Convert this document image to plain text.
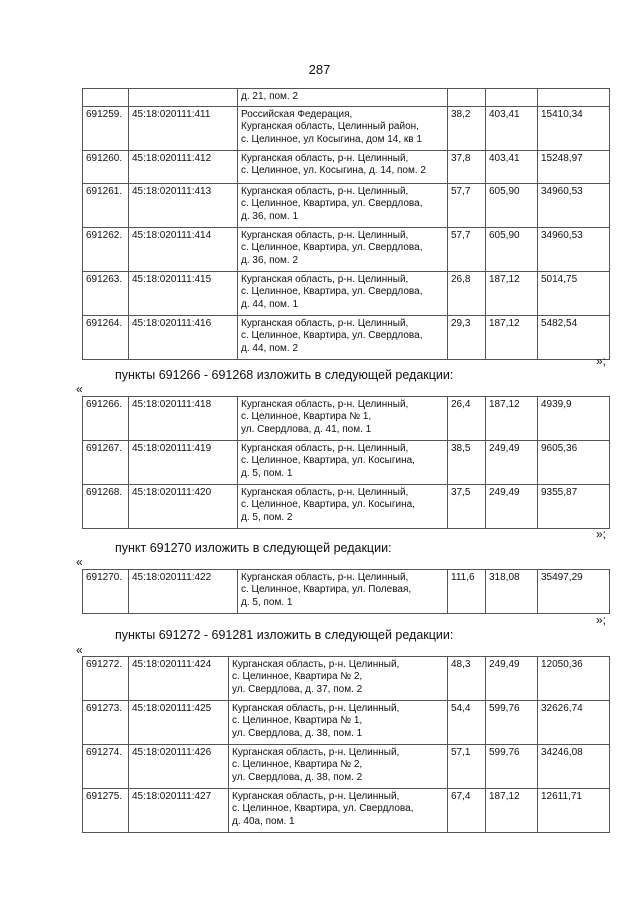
287
		д. 21, пом. 2			
691259.	45:18:020111:411	Российская Федерация,
Курганская область, Целинный район,
с. Целинное, ул Косыгина, дом 14, кв 1	38,2	403,41	15410,34
691260.	45:18:020111:412	Курганская область, р-н. Целинный,
с. Целинное, ул. Косыгина, д. 14, пом. 2	37,8	403,41	15248,97
691261.	45:18:020111:413	Курганская область, р-н. Целинный,
с. Целинное, Квартира, ул. Свердлова,
д. 36, пом. 1	57,7	605,90	34960,53
691262.	45:18:020111:414	Курганская область, р-н. Целинный,
с. Целинное, Квартира, ул. Свердлова,
д. 36, пом. 2	57,7	605,90	34960,53
691263.	45:18:020111:415	Курганская область, р-н. Целинный,
с. Целинное, Квартира, ул. Свердлова,
д. 44, пом. 1	26,8	187,12	5014,75
691264.	45:18:020111:416	Курганская область, р-н. Целинный,
с. Целинное, Квартира, ул. Свердлова,
д. 44, пом. 2	29,3	187,12	5482,54
»;
пункты 691266 - 691268 изложить в следующей редакции:
«
691266.	45:18:020111:418	Курганская область, р-н. Целинный,
с. Целинное, Квартира № 1,
ул. Свердлова, д. 41, пом. 1	26,4	187,12	4939,9
691267.	45:18:020111:419	Курганская область, р-н. Целинный,
с. Целинное, Квартира, ул. Косыгина,
д. 5, пом. 1	38,5	249,49	9605,36
691268.	45:18:020111:420	Курганская область, р-н. Целинный,
с. Целинное, Квартира, ул. Косыгина,
д. 5, пом. 2	37,5	249,49	9355,87
»;
пункт 691270 изложить в следующей редакции:
«
691270.	45:18:020111:422	Курганская область, р-н. Целинный,
с. Целинное, Квартира, ул. Полевая,
д. 5, пом. 1	111,6	318,08	35497,29
»;
пункты 691272 - 691281 изложить в следующей редакции:
«
691272.	45:18:020111:424	Курганская область, р-н. Целинный,
с. Целинное, Квартира № 2,
ул. Свердлова, д. 37, пом. 2	48,3	249,49	12050,36
691273.	45:18:020111:425	Курганская область, р-н. Целинный,
с. Целинное, Квартира № 1,
ул. Свердлова, д. 38, пом. 1	54,4	599,76	32626,74
691274.	45:18:020111:426	Курганская область, р-н. Целинный,
с. Целинное, Квартира № 2,
ул. Свердлова, д. 38, пом. 2	57,1	599,76	34246,08
691275.	45:18:020111:427	Курганская область, р-н. Целинный,
с. Целинное, Квартира, ул. Свердлова,
д. 40а, пом. 1	67,4	187,12	12611,71
